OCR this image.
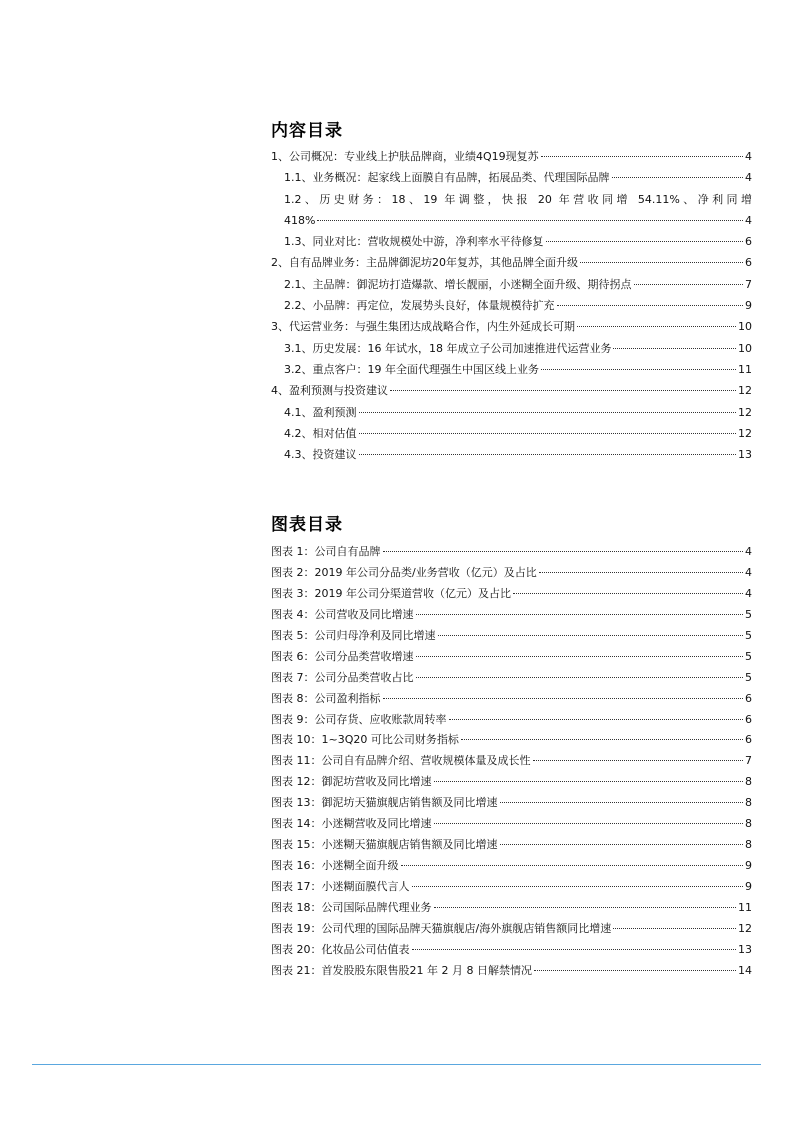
内容目录
1、公司概况：专业线上护肤品牌商，业绩4Q19现复苏	4
1.1、业务概况：起家线上面膜自有品牌，拓展品类、代理国际品牌	4
1.2、历史财务：18、19 年调整，快报 20 年营收同增 54.11%、净利同增
418%	4
1.3、同业对比：营收规模处中游，净利率水平待修复	6
2、自有品牌业务：主品牌御泥坊20年复苏，其他品牌全面升级	6
2.1、主品牌：御泥坊打造爆款、增长靓丽，小迷糊全面升级、期待拐点	7
2.2、小品牌：再定位，发展势头良好，体量规模待扩充	9
3、代运营业务：与强生集团达成战略合作，内生外延成长可期	10
3.1、历史发展：16 年试水，18 年成立子公司加速推进代运营业务	10
3.2、重点客户：19 年全面代理强生中国区线上业务	11
4、盈利预测与投资建议	12
4.1、盈利预测	12
4.2、相对估值	12
4.3、投资建议	13
图表目录
图表 1：公司自有品牌	4
图表 2：2019 年公司分品类/业务营收（亿元）及占比	4
图表 3：2019 年公司分渠道营收（亿元）及占比	4
图表 4：公司营收及同比增速	5
图表 5：公司归母净利及同比增速	5
图表 6：公司分品类营收增速	5
图表 7：公司分品类营收占比	5
图表 8：公司盈利指标	6
图表 9：公司存货、应收账款周转率	6
图表 10：1~3Q20 可比公司财务指标	6
图表 11：公司自有品牌介绍、营收规模体量及成长性	7
图表 12：御泥坊营收及同比增速	8
图表 13：御泥坊天猫旗舰店销售额及同比增速	8
图表 14：小迷糊营收及同比增速	8
图表 15：小迷糊天猫旗舰店销售额及同比增速	8
图表 16：小迷糊全面升级	9
图表 17：小迷糊面膜代言人	9
图表 18：公司国际品牌代理业务	11
图表 19：公司代理的国际品牌天猫旗舰店/海外旗舰店销售额同比增速	12
图表 20：化妆品公司估值表	13
图表 21：首发股股东限售股21 年 2 月 8 日解禁情况	14
